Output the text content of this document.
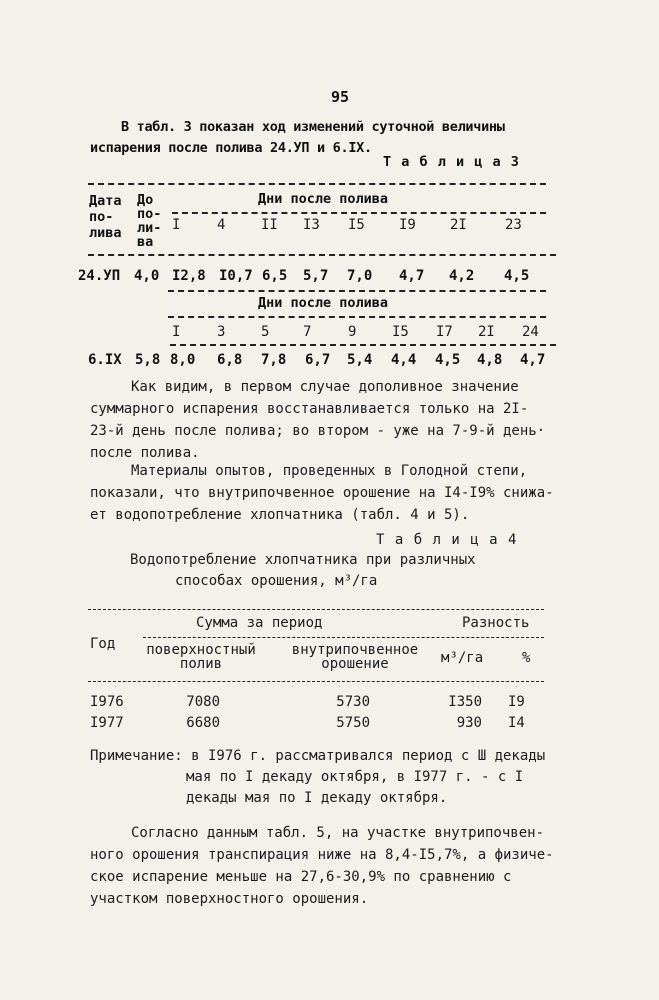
95
В табл. 3 показан ход изменений суточной величины
испарения после полива 24.УП и 6.IX.
Т а б л и ц а 3
Дата
по-
лива
До
по-
ли-
ва
Дни после полива
I	4	II I3 I5 I9 2I	23
24.УП 4,0 I2,8 I0,7 6,5 5,7 7,0 4,7 4,2 4,5
Дни после полива
I	3	5 7	9	I5 I7 2I 24
6.IX 5,8 8,0 6,8 7,8 6,7 5,4 4,4 4,5 4,8 4,7
Как видим, в первом случае дополивное значение
суммарного испарения восстанавливается только на 2I-
23-й день после полива; во втором - уже на 7-9-й день·
после полива.
Материалы опытов, проведенных в Голодной степи,
показали, что внутрипочвенное орошение на I4-I9% снижа-
ет водопотребление хлопчатника (табл. 4 и 5).
Т а б л и ц а 4
Водопотребление хлопчатника при различных
способах орошения, м³/га
Год
Сумма за период	Разность
поверхностный
полив
внутрипочвенное
орошение	м³/га	%
I976	7080	5730	I350 I9
I977	6680	5750	930 I4
Примечание: в I976 г. рассматривался период с Ш декады
мая по I декаду октября, в I977 г. - с I
декады мая по I декаду октября.
Согласно данным табл. 5, на участке внутрипочвен-
ного орошения транспирация ниже на 8,4-I5,7%, а физиче-
ское испарение меньше на 27,6-30,9% по сравнению с
участком поверхностного орошения.
